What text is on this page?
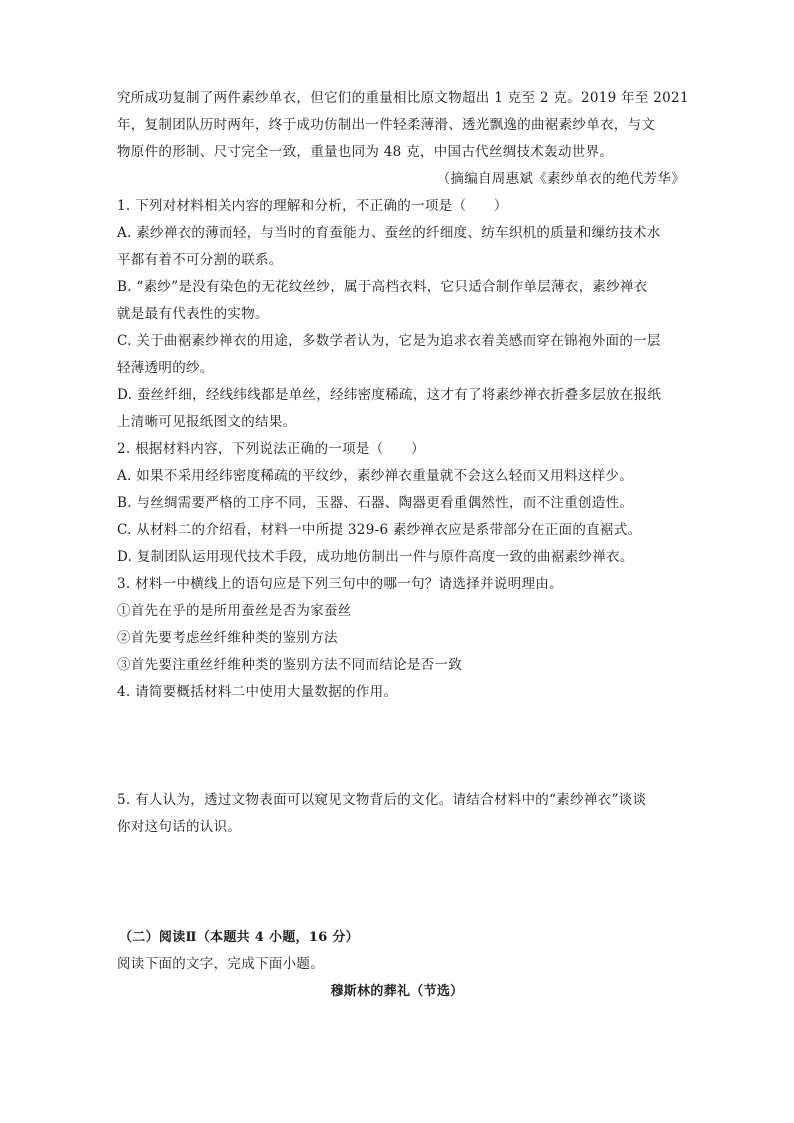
究所成功复制了两件素纱单衣，但它们的重量相比原文物超出 1 克至 2 克。2019 年至 2021
年，复制团队历时两年，终于成功仿制出一件轻柔薄滑、透光飘逸的曲裾素纱单衣，与文
物原件的形制、尺寸完全一致，重量也同为 48 克，中国古代丝绸技术轰动世界。
（摘编自周惠斌《素纱单衣的绝代芳华》
1. 下列对材料相关内容的理解和分析，不正确的一项是（　　）
A. 素纱禅衣的薄而轻，与当时的育蚕能力、蚕丝的纤细度、纺车织机的质量和缫纺技术水
平都有着不可分割的联系。
B. “素纱”是没有染色的无花纹丝纱，属于高档衣料，它只适合制作单层薄衣，素纱禅衣
就是最有代表性的实物。
C. 关于曲裾素纱禅衣的用途，多数学者认为，它是为追求衣着美感而穿在锦袍外面的一层
轻薄透明的纱。
D. 蚕丝纤细，经线纬线都是单丝，经纬密度稀疏，这才有了将素纱禅衣折叠多层放在报纸
上清晰可见报纸图文的结果。
2. 根据材料内容，下列说法正确的一项是（　　）
A. 如果不采用经纬密度稀疏的平纹纱，素纱禅衣重量就不会这么轻而又用料这样少。
B. 与丝绸需要严格的工序不同，玉器、石器、陶器更看重偶然性，而不注重创造性。
C. 从材料二的介绍看，材料一中所提 329-6 素纱禅衣应是系带部分在正面的直裾式。
D. 复制团队运用现代技术手段，成功地仿制出一件与原件高度一致的曲裾素纱禅衣。
3. 材料一中横线上的语句应是下列三句中的哪一句？请选择并说明理由。
①首先在乎的是所用蚕丝是否为家蚕丝
②首先要考虑丝纤维种类的鉴别方法
③首先要注重丝纤维种类的鉴别方法不同而结论是否一致
4. 请简要概括材料二中使用大量数据的作用。
5. 有人认为，透过文物表面可以窥见文物背后的文化。请结合材料中的“素纱禅衣”谈谈
你对这句话的认识。
（二）阅读Ⅱ（本题共 4 小题，16 分）
阅读下面的文字，完成下面小题。
穆斯林的葬礼（节选）
